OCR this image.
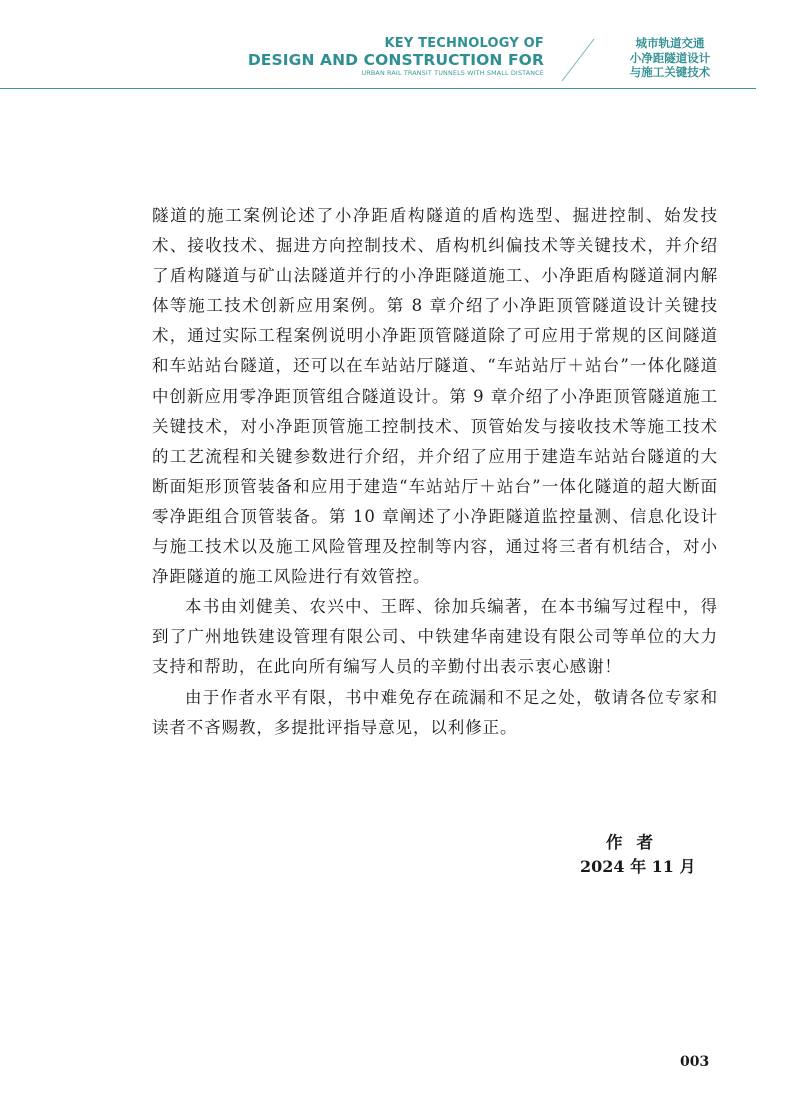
KEY TECHNOLOGY OF
DESIGN AND CONSTRUCTION FOR
URBAN RAIL TRANSIT TUNNELS WITH SMALL DISTANCE
城市轨道交通
小净距隧道设计
与施工关键技术

隧道的施工案例论述了小净距盾构隧道的盾构选型、掘进控制、始发技术、接收技术、掘进方向控制技术、盾构机纠偏技术等关键技术，并介绍了盾构隧道与矿山法隧道并行的小净距隧道施工、小净距盾构隧道洞内解体等施工技术创新应用案例。第 8 章介绍了小净距顶管隧道设计关键技术，通过实际工程案例说明小净距顶管隧道除了可应用于常规的区间隧道和车站站台隧道，还可以在车站站厅隧道、“车站站厅＋站台”一体化隧道中创新应用零净距顶管组合隧道设计。第 9 章介绍了小净距顶管隧道施工关键技术，对小净距顶管施工控制技术、顶管始发与接收技术等施工技术的工艺流程和关键参数进行介绍，并介绍了应用于建造车站站台隧道的大断面矩形顶管装备和应用于建造“车站站厅＋站台”一体化隧道的超大断面零净距组合顶管装备。第 10 章阐述了小净距隧道监控量测、信息化设计与施工技术以及施工风险管理及控制等内容，通过将三者有机结合，对小净距隧道的施工风险进行有效管控。

本书由刘健美、农兴中、王晖、徐加兵编著，在本书编写过程中，得到了广州地铁建设管理有限公司、中铁建华南建设有限公司等单位的大力支持和帮助，在此向所有编写人员的辛勤付出表示衷心感谢！

由于作者水平有限，书中难免存在疏漏和不足之处，敬请各位专家和读者不吝赐教，多提批评指导意见，以利修正。

作者
2024 年 11 月
003
